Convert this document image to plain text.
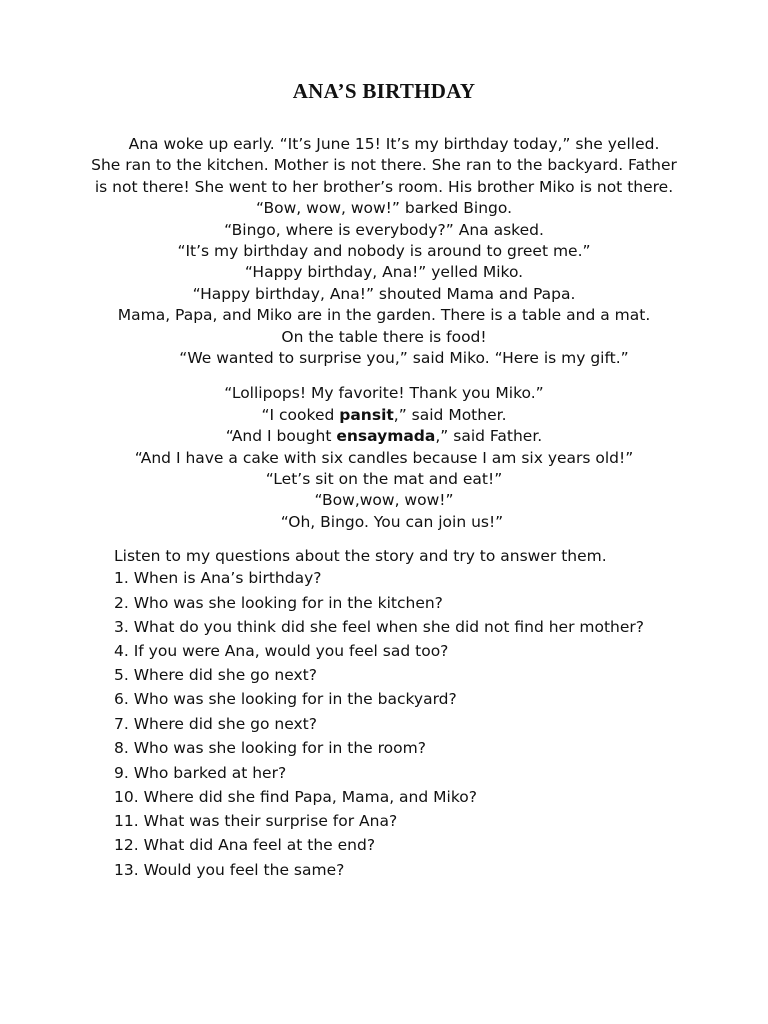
ANA’S BIRTHDAY
Ana woke up early. “It’s June 15! It’s my birthday today,” she yelled.
She ran to the kitchen. Mother is not there. She ran to the backyard. Father
is not there! She went to her brother’s room. His brother Miko is not there.
“Bow, wow, wow!” barked Bingo.
“Bingo, where is everybody?” Ana asked.
“It’s my birthday and nobody is around to greet me.”
“Happy birthday, Ana!” yelled Miko.
“Happy birthday, Ana!” shouted Mama and Papa.
Mama, Papa, and Miko are in the garden. There is a table and a mat.
On the table there is food!
“We wanted to surprise you,” said Miko. “Here is my gift.”
“Lollipops! My favorite! Thank you Miko.”
“I cooked pansit,” said Mother.
“And I bought ensaymada,” said Father.
“And I have a cake with six candles because I am six years old!”
“Let’s sit on the mat and eat!”
“Bow,wow, wow!”
“Oh, Bingo. You can join us!”
Listen to my questions about the story and try to answer them.
1. When is Ana’s birthday?
2. Who was she looking for in the kitchen?
3. What do you think did she feel when she did not find her mother?
4. If you were Ana, would you feel sad too?
5. Where did she go next?
6. Who was she looking for in the backyard?
7. Where did she go next?
8. Who was she looking for in the room?
9. Who barked at her?
10. Where did she find Papa, Mama, and Miko?
11. What was their surprise for Ana?
12. What did Ana feel at the end?
13. Would you feel the same?
